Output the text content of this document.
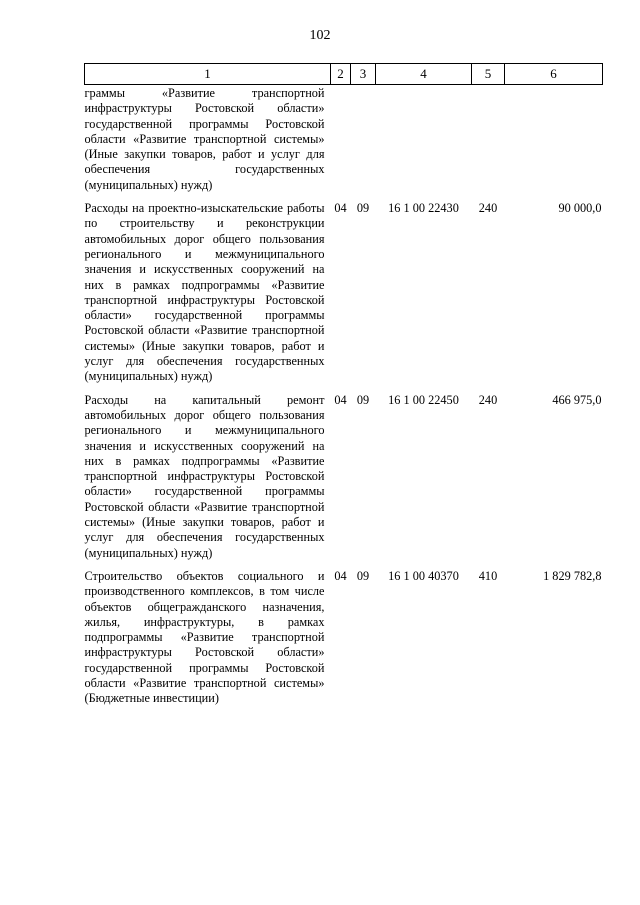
102
1	2	3	4	5	6

граммы «Развитие транспортной инфраструктуры Ростовской области» государственной программы Ростовской области «Развитие транспортной системы» (Иные закупки товаров, работ и услуг для обеспечения государственных (муниципальных) нужд)					

Расходы на проектно-изыскательские работы по строительству и реконструкции автомобильных дорог общего пользования регионального и межмуниципального значения и искусственных сооружений на них в рамках подпрограммы «Развитие транспортной инфраструктуры Ростовской области» государственной программы Ростовской области «Развитие транспортной системы» (Иные закупки товаров, работ и услуг для обеспечения государственных (муниципальных) нужд)	04	09	16 1 00 22430	240	90 000,0

Расходы на капитальный ремонт автомобильных дорог общего пользования регионального и межмуниципального значения и искусственных сооружений на них в рамках подпрограммы «Развитие транспортной инфраструктуры Ростовской области» государственной программы Ростовской области «Развитие транспортной системы» (Иные закупки товаров, работ и услуг для обеспечения государственных (муниципальных) нужд)	04	09	16 1 00 22450	240	466 975,0

Строительство объектов социального и производственного комплексов, в том числе объектов общегражданского назначения, жилья, инфраструктуры, в рамках подпрограммы «Развитие транспортной инфраструктуры Ростовской области» государственной программы Ростовской области «Развитие транспортной системы» (Бюджетные инвестиции)	04	09	16 1 00 40370	410	1 829 782,8
